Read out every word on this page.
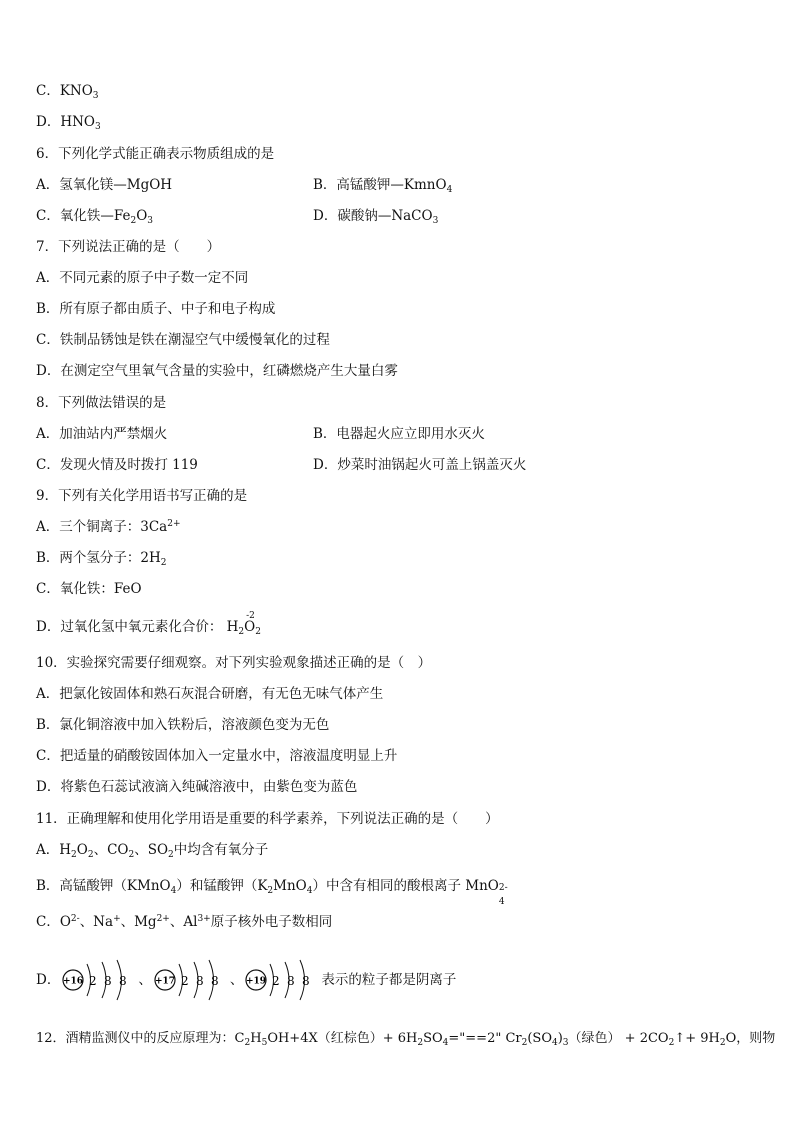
C．$KNO_3$
D．$HNO_3$
6．下列化学式能正确表示物质组成的是
A．氢氧化镁—MgOH	B．高锰酸钾—KmnO$_4$
C．氧化铁$—Fe_2O_3$	D．碳酸钠—NaCO$_3$
7．下列说法正确的是（　　）
A．不同元素的原子中子数一定不同
B．所有原子都由质子、中子和电子构成
C．铁制品锈蚀是铁在潮湿空气中缓慢氧化的过程
D．在测定空气里氧气含量的实验中，红磷燃烧产生大量白雾
8．下列做法错误的是
A．加油站内严禁烟火	B．电器起火应立即用水灭火
C．发现火情及时拨打 119	D．炒菜时油锅起火可盖上锅盖灭火
9．下列有关化学用语书写正确的是
A．三个铜离子：$3Ca^{2+}$
B．两个氢分子：$2H_2$
C．氧化铁：FeO
D．过氧化氢中氧元素化合价： $H_2$
-2
$O_2$
10．实验探究需要仔细观察。对下列实验观象描述正确的是（　）
A．把氯化铵固体和熟石灰混合研磨，有无色无味气体产生
B．氯化铜溶液中加入铁粉后，溶液颜色变为无色
C．把适量的硝酸铵固体加入一定量水中，溶液温度明显上升
D．将紫色石蕊试液滴入纯碱溶液中，由紫色变为蓝色
11．正确理解和使用化学用语是重要的科学素养，下列说法正确的是（　　）
A．$H_2O_2$、$CO_2$、$SO_2$中均含有氧分子
B．高锰酸钾（KMnO$_4$）和锰酸钾$(K_2MnO_4)$中含有相同的酸根离子 MnO 2-
4
C．$O^{2-}$、Na+、$Mg^{2+}$、$Al^{3+}$原子核外电子数相同
D． +16 2 8 8 、 +17 2 8 8 、 +19 2 8 8 表示的粒子都是阴离子
12．酒精监测仪中的反应原理为：$C_2H_5OH+4X$（红棕色）+ $6H_2SO_4="==2$" $Cr_2(SO_4)_3$（绿色） + $2CO_2↑+ 9H_2O$，则物
